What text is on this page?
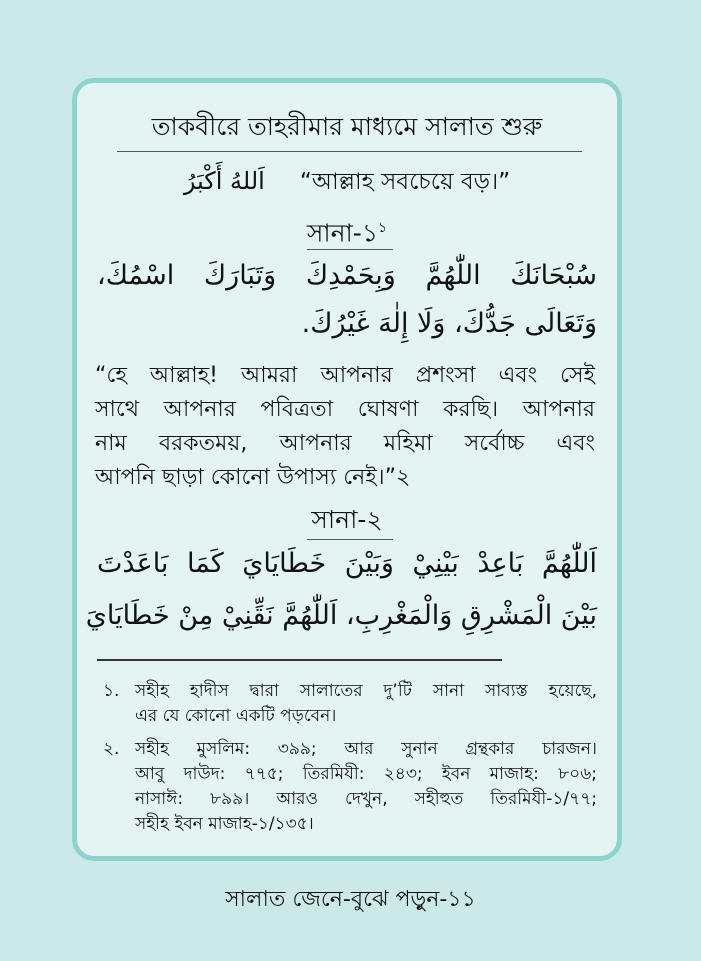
তাকবীরে তাহরীমার মাধ্যমে সালাত শুরু
اَللهُ أَكْبَرُ “আল্লাহ সবচেয়ে বড়।”
$সানা-১^১$
سُبْحَانَكَ اللّٰهُمَّ وَبِحَمْدِكَ وَتَبَارَكَ اسْمُكَ،
وَتَعَالَى جَدُّكَ، وَلَا إِلٰهَ غَيْرُكَ.
“হে আল্লাহ! আমরা আপনার প্রশংসা এবং সেই
সাথে আপনার পবিত্রতা ঘোষণা করছি। আপনার
নাম বরকতময়, আপনার মহিমা সর্বোচ্চ এবং
আপনি ছাড়া কোনো উপাস্য নেই।”২
সানা-২
اَللّٰهُمَّ بَاعِدْ بَيْنِيْ وَبَيْنَ خَطَايَايَ كَمَا بَاعَدْتَ
بَيْنَ الْمَشْرِقِ وَالْمَغْرِبِ، اَللّٰهُمَّ نَقِّنِيْ مِنْ خَطَايَايَ
১. সহীহ হাদীস দ্বারা সালাতের দু’টি সানা সাব্যস্ত হয়েছে,
এর যে কোনো একটি পড়বেন।
২. সহীহ মুসলিম: ৩৯৯; আর সুনান গ্রন্থকার চারজন।
আবু দাউদ: ৭৭৫; তিরমিযী: ২৪৩; ইবন মাজাহ: ৮০৬;
নাসাঈ: ৮৯৯। আরও দেখুন, সহীহুত তিরমিযী-১/৭৭;
সহীহ ইবন মাজাহ-১/১৩৫।
সালাত জেনে-বুঝে পড়ুন-১১
